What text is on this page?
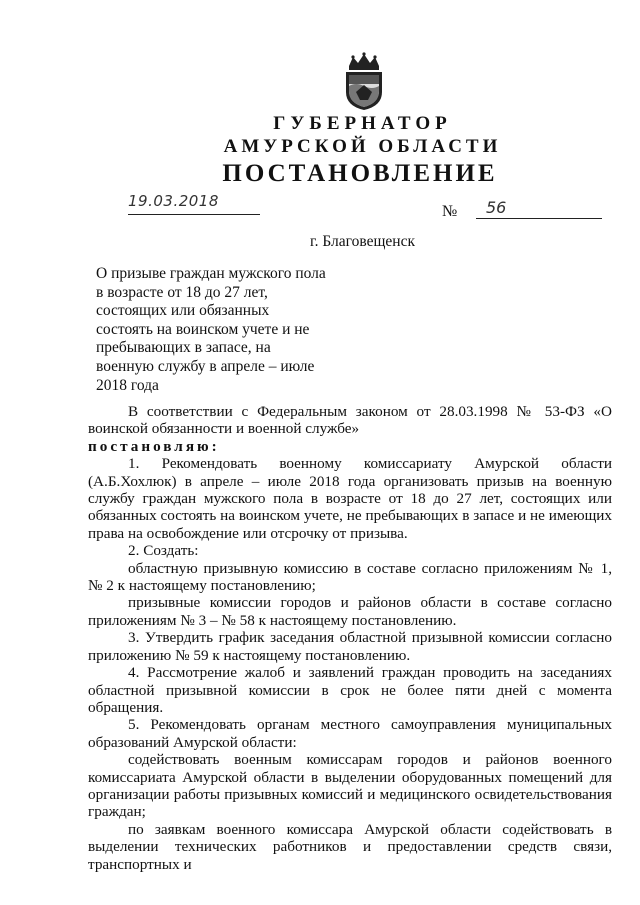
ГУБЕРНАТОР
АМУРСКОЙ ОБЛАСТИ
ПОСТАНОВЛЕНИЕ
19.03.2018
№	56
г. Благовещенск
О призыве граждан мужского пола в возрасте от 18 до 27 лет, состоящих или обязанных состоять на воинском учете и не пребывающих в запасе, на военную службу в апреле – июле 2018 года

В соответствии с Федеральным законом от 28.03.1998 № 53-ФЗ «О воинской обязанности и военной службе»

постановляю:

1. Рекомендовать военному комиссариату Амурской области (А.Б.Хохлюк) в апреле – июле 2018 года организовать призыв на военную службу граждан мужского пола в возрасте от 18 до 27 лет, состоящих или обязанных состоять на воинском учете, не пребывающих в запасе и не имеющих права на освобождение или отсрочку от призыва.

2. Создать:

областную призывную комиссию в составе согласно приложениям № 1, № 2 к настоящему постановлению;

призывные комиссии городов и районов области в составе согласно приложениям № 3 – № 58 к настоящему постановлению.

3. Утвердить график заседания областной призывной комиссии согласно приложению № 59 к настоящему постановлению.

4. Рассмотрение жалоб и заявлений граждан проводить на заседаниях областной призывной комиссии в срок не более пяти дней с момента обращения.

5. Рекомендовать органам местного самоуправления муниципальных образований Амурской области:

содействовать военным комиссарам городов и районов военного комиссариата Амурской области в выделении оборудованных помещений для организации работы призывных комиссий и медицинского освидетельствования граждан;

по заявкам военного комиссара Амурской области содействовать в выделении технических работников и предоставлении средств связи, транспортных и
